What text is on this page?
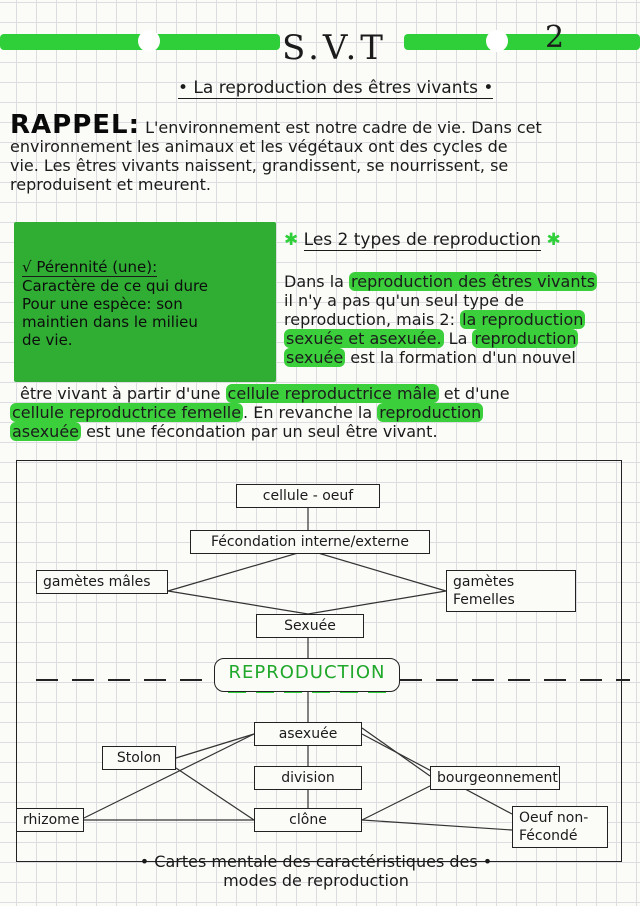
S.V.T	2
• La reproduction des êtres vivants •
RAPPEL: L'environnement est notre cadre de vie. Dans cet
environnement les animaux et les végétaux ont des cycles de
vie. Les êtres vivants naissent, grandissent, se nourrissent, se
reproduisent et meurent.
√ Pérennité (une):
Caractère de ce qui dure
Pour une espèce: son
maintien dans le milieu
de vie.
✱ Les 2 types de reproduction ✱
Dans la reproduction des êtres vivants
il n'y a pas qu'un seul type de
reproduction, mais 2: la reproduction
sexuée et asexuée. La reproduction
sexuée est la formation d'un nouvel
être vivant à partir d'une cellule reproductrice mâle et d'une
cellule reproductrice femelle . En revanche la reproduction
asexuée est une fécondation par un seul être vivant.
cellule - oeuf
Fécondation interne/externe
gamètes mâles	gamètes Femelles
Sexuée
REPRODUCTION
asexuée
Stolon
division	bourgeonnement
clône
rhizome	Oeuf non-Fécondé
• Cartes mentale des caractéristiques des •
modes de reproduction
